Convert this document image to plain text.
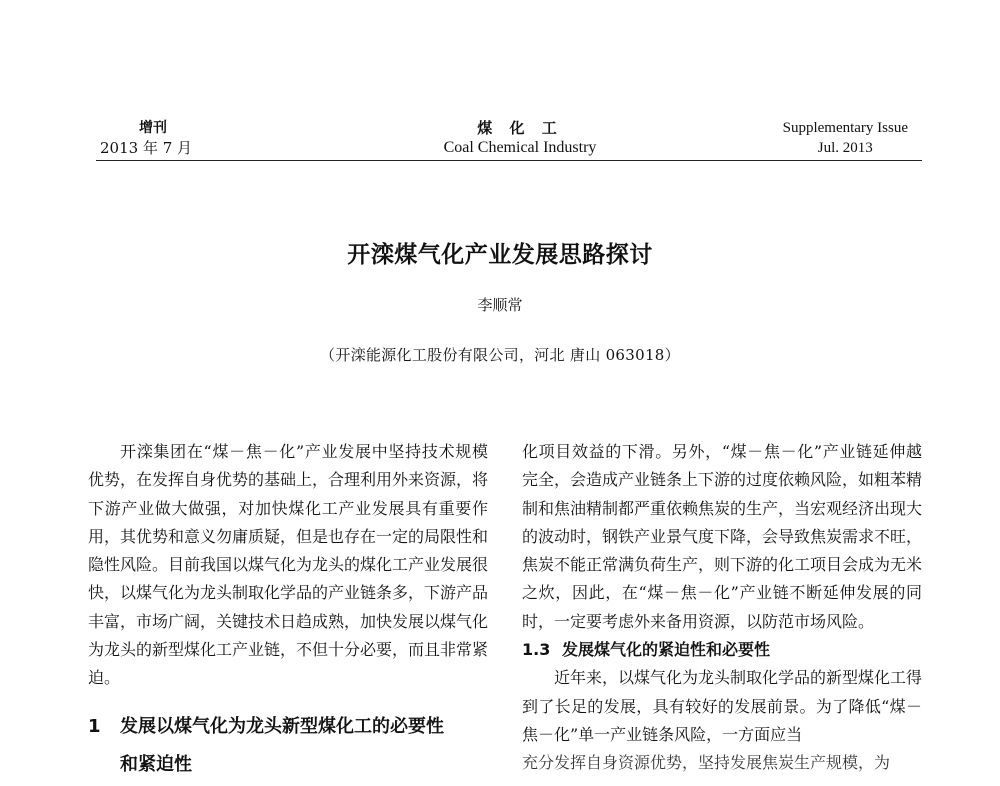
增刊
2013 年 7 月
煤 化 工
Coal Chemical Industry
Supplementary Issue
Jul. 2013
开滦煤气化产业发展思路探讨
李顺常
（开滦能源化工股份有限公司，河北 唐山 063018）

开滦集团在“煤－焦－化”产业发展中坚持技术规模优势，在发挥自身优势的基础上，合理利用外来资源，将下游产业做大做强，对加快煤化工产业发展具有重要作用，其优势和意义勿庸质疑，但是也存在一定的局限性和隐性风险。目前我国以煤气化为龙头的煤化工产业发展很快，以煤气化为龙头制取化学品的产业链条多，下游产品丰富，市场广阔，关键技术日趋成熟，加快发展以煤气化为龙头的新型煤化工产业链，不但十分必要，而且非常紧迫。

1 发展以煤气化为龙头新型煤化工的必要性
和紧迫性

化项目效益的下滑。另外，“煤－焦－化”产业链延伸越完全，会造成产业链条上下游的过度依赖风险，如粗苯精制和焦油精制都严重依赖焦炭的生产，当宏观经济出现大的波动时，钢铁产业景气度下降，会导致焦炭需求不旺，焦炭不能正常满负荷生产，则下游的化工项目会成为无米之炊，因此，在“煤－焦－化”产业链不断延伸发展的同时，一定要考虑外来备用资源，以防范市场风险。

1.3 发展煤气化的紧迫性和必要性

近年来，以煤气化为龙头制取化学品的新型煤化工得到了长足的发展，具有较好的发展前景。为了降低“煤－焦－化”单一产业链条风险，一方面应当

充分发挥自身资源优势，坚持发展焦炭生产规模，为
